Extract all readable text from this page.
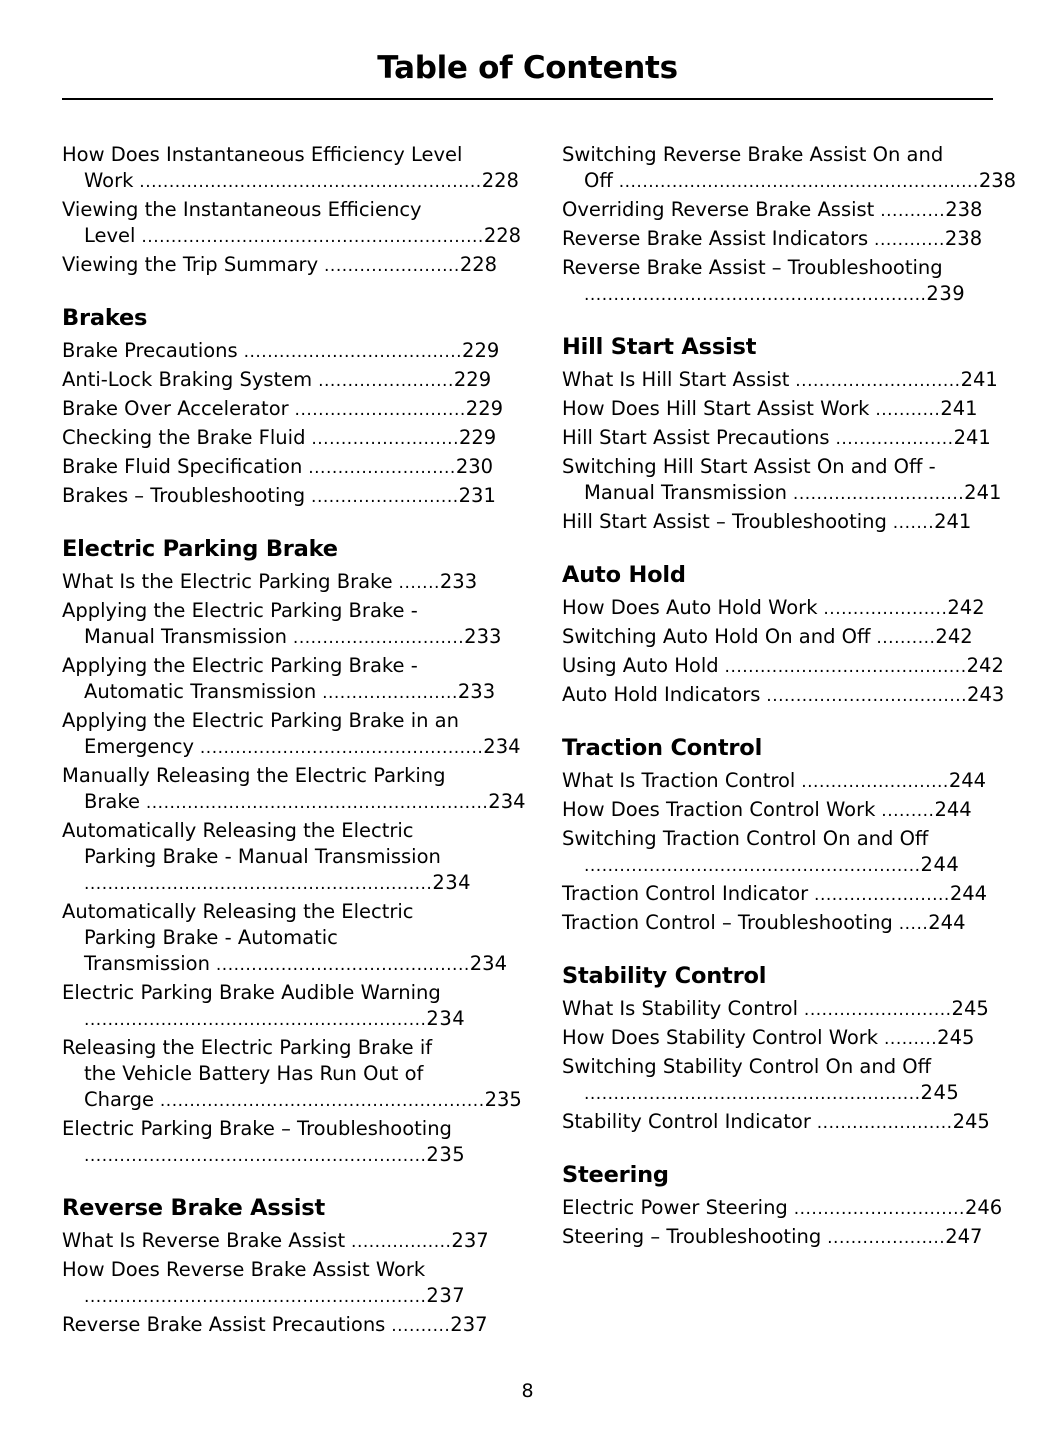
Table of Contents
How Does Instantaneous Efficiency Level
Work ..........................................................228
Viewing the Instantaneous Efficiency
Level ..........................................................228
Viewing the Trip Summary .......................228
Brakes
Brake Precautions .....................................229
Anti-Lock Braking System .......................229
Brake Over Accelerator .............................229
Checking the Brake Fluid .........................229
Brake Fluid Specification .........................230
Brakes – Troubleshooting .........................231
Electric Parking Brake
What Is the Electric Parking Brake .......233
Applying the Electric Parking Brake -
Manual Transmission .............................233
Applying the Electric Parking Brake -
Automatic Transmission .......................233
Applying the Electric Parking Brake in an
Emergency ................................................234
Manually Releasing the Electric Parking
Brake ..........................................................234
Automatically Releasing the Electric
Parking Brake - Manual Transmission
...........................................................234
Automatically Releasing the Electric
Parking Brake - Automatic
Transmission ...........................................234
Electric Parking Brake Audible Warning
..........................................................234
Releasing the Electric Parking Brake if
the Vehicle Battery Has Run Out of
Charge .......................................................235
Electric Parking Brake – Troubleshooting
..........................................................235
Reverse Brake Assist
What Is Reverse Brake Assist .................237
How Does Reverse Brake Assist Work
..........................................................237
Reverse Brake Assist Precautions ..........237
Switching Reverse Brake Assist On and
Off .............................................................238
Overriding Reverse Brake Assist ...........238
Reverse Brake Assist Indicators ............238
Reverse Brake Assist – Troubleshooting
..........................................................239
Hill Start Assist
What Is Hill Start Assist ............................241
How Does Hill Start Assist Work ...........241
Hill Start Assist Precautions ....................241
Switching Hill Start Assist On and Off -
Manual Transmission .............................241
Hill Start Assist – Troubleshooting .......241
Auto Hold
How Does Auto Hold Work .....................242
Switching Auto Hold On and Off ..........242
Using Auto Hold .........................................242
Auto Hold Indicators ..................................243
Traction Control
What Is Traction Control .........................244
How Does Traction Control Work .........244
Switching Traction Control On and Off
.........................................................244
Traction Control Indicator .......................244
Traction Control – Troubleshooting .....244
Stability Control
What Is Stability Control .........................245
How Does Stability Control Work .........245
Switching Stability Control On and Off
.........................................................245
Stability Control Indicator .......................245
Steering
Electric Power Steering .............................246
Steering – Troubleshooting ....................247
8
